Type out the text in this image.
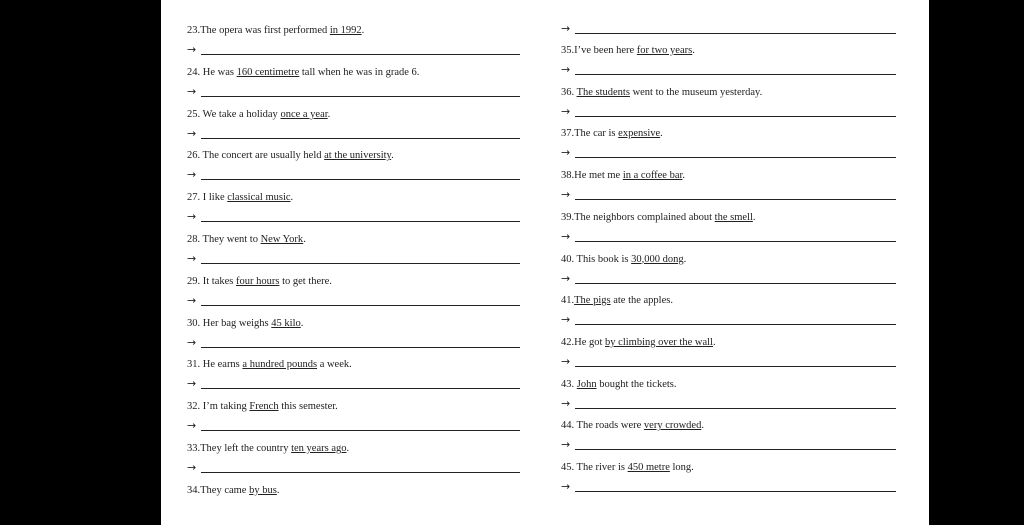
23.The opera was first performed in 1992.
→
24. He was 160 centimetre tall when he was in grade 6.
→
25. We take a holiday once a year.
→
26. The concert are usually held at the university.
→
27. I like classical music.
→
28. They went to New York.
→
29. It takes four hours to get there.
→
30. Her bag weighs 45 kilo.
→
31. He earns a hundred pounds a week.
→
32. I’m taking French this semester.
→
33.They left the country ten years ago.
→
34.They came by bus.
→
35.I’ve been here for two years.
→
36. The students went to the museum yesterday.
→
37.The car is expensive.
→
38.He met me in a coffee bar.
→
39.The neighbors complained about the smell.
→
40. This book is 30,000 dong.
→
41.The pigs ate the apples.
→
42.He got by climbing over the wall.
→
43. John bought the tickets.
→
44. The roads were very crowded.
→
45. The river is 450 metre long.
→
